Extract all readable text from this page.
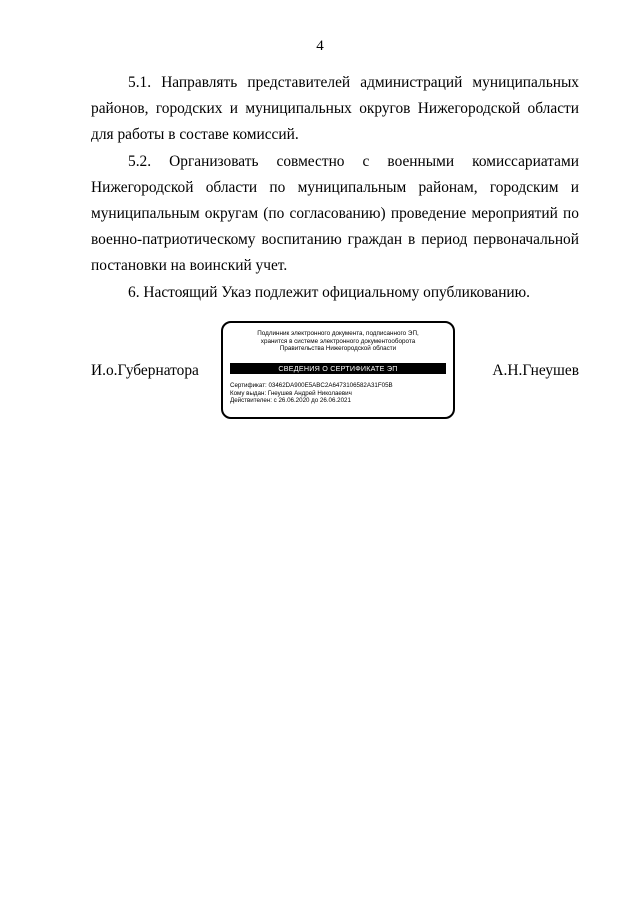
4

5.1. Направлять представителей администраций муниципальных районов, городских и муниципальных округов Нижегородской области для работы в составе комиссий.

5.2. Организовать совместно с военными комиссариатами Нижегородской области по муниципальным районам, городским и муниципальным округам (по согласованию) проведение мероприятий по военно-патриотическому воспитанию граждан в период первоначальной постановки на воинский учет.

6. Настоящий Указ подлежит официальному опубликованию.

И.о.Губернатора
Подлинник электронного документа, подписанного ЭП,
хранится в системе электронного документооборота
Правительства Нижегородской области
СВЕДЕНИЯ О СЕРТИФИКАТЕ ЭП
Сертификат: 03462DA900E5ABC2A6473106582A31F05B
Кому выдан: Гнеушев Андрей Николаевич
Действителен: с 26.06.2020 до 26.06.2021
А.Н.Гнеушев
